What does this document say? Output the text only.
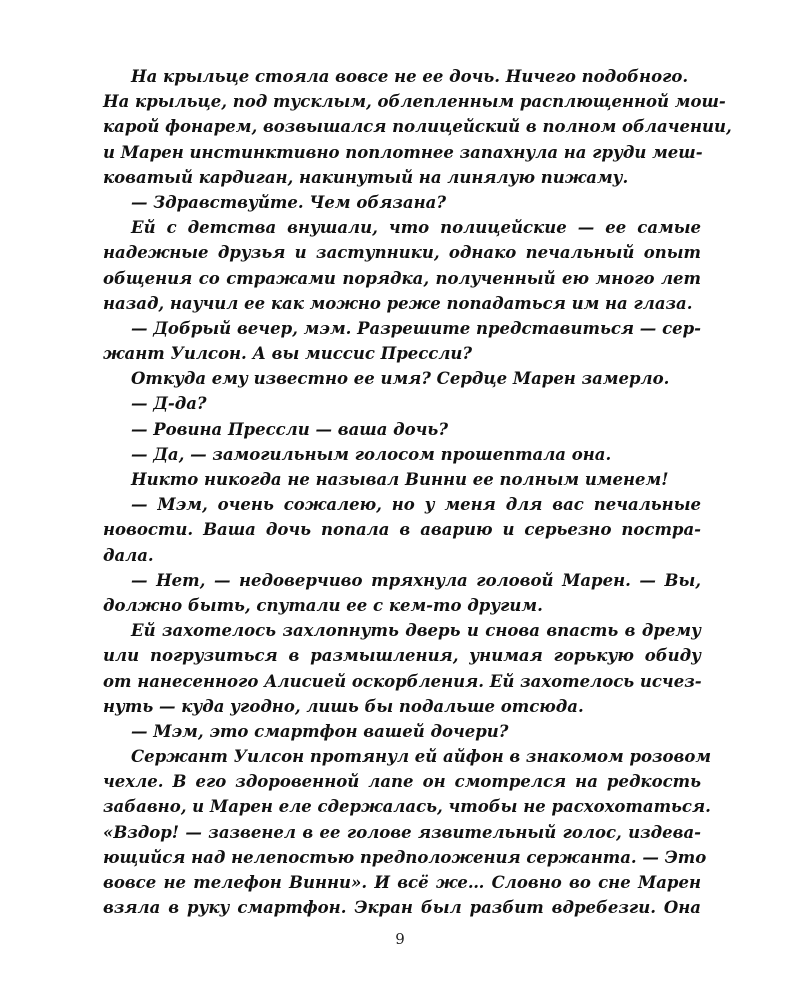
На крыльце стояла вовсе не ее дочь. Ничего подобного.
На крыльце, под тусклым, облепленным расплющенной мош-
карой фонарем, возвышался полицейский в полном облачении,
и Марен инстинктивно поплотнее запахнула на груди меш-
коватый кардиган, накинутый на линялую пижаму.
— Здравствуйте. Чем обязана?
Ей с детства внушали, что полицейские — ее самые
надежные друзья и заступники, однако печальный опыт
общения со стражами порядка, полученный ею много лет
назад, научил ее как можно реже попадаться им на глаза.
— Добрый вечер, мэм. Разрешите представиться — сер-
жант Уилсон. А вы миссис Прессли?
Откуда ему известно ее имя? Сердце Марен замерло.
— Д-да?
— Ровина Прессли — ваша дочь?
— Да, — замогильным голосом прошептала она.
Никто никогда не называл Винни ее полным именем!
— Мэм, очень сожалею, но у меня для вас печальные
новости. Ваша дочь попала в аварию и серьезно постра-
дала.
— Нет, — недоверчиво тряхнула головой Марен. — Вы,
должно быть, спутали ее с кем-то другим.
Ей захотелось захлопнуть дверь и снова впасть в дрему
или погрузиться в размышления, унимая горькую обиду
от нанесенного Алисией оскорбления. Ей захотелось исчез-
нуть — куда угодно, лишь бы подальше отсюда.
— Мэм, это смартфон вашей дочери?
Сержант Уилсон протянул ей айфон в знакомом розовом
чехле. В его здоровенной лапе он смотрелся на редкость
забавно, и Марен еле сдержалась, чтобы не расхохотаться.
«Вздор! — зазвенел в ее голове язвительный голос, издева-
ющийся над нелепостью предположения сержанта. — Это
вовсе не телефон Винни». И всё же… Словно во сне Марен
взяла в руку смартфон. Экран был разбит вдребезги. Она
9
